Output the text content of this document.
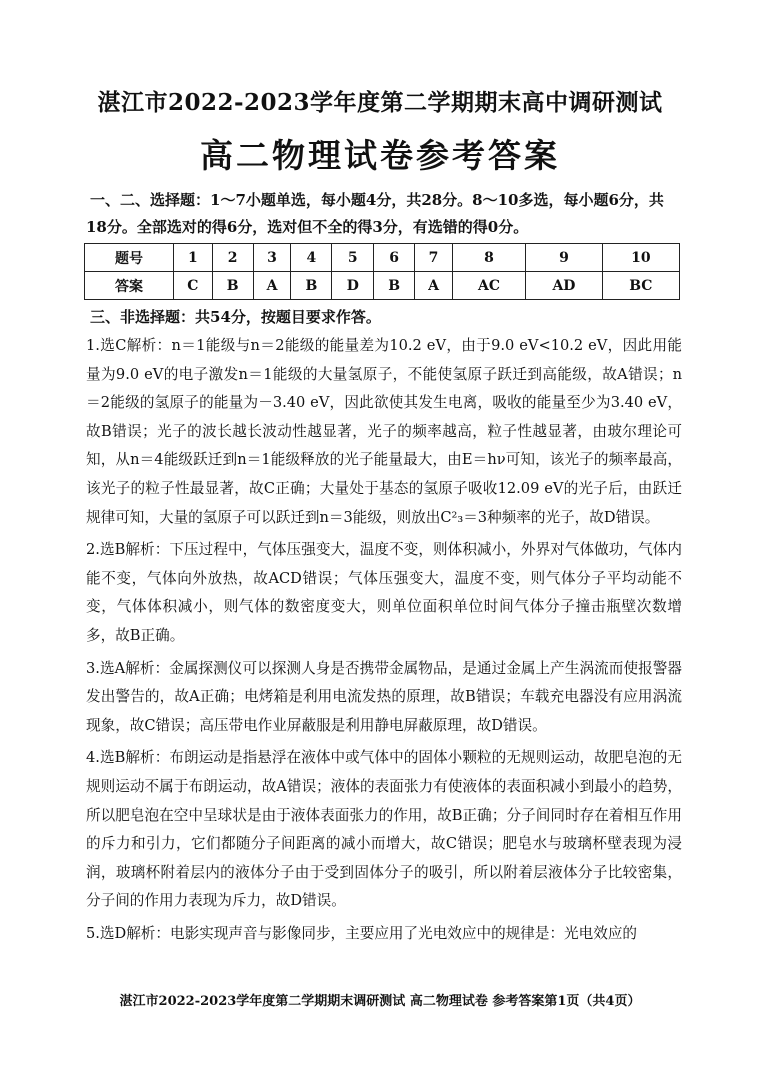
湛江市2022-2023学年度第二学期期末高中调研测试
高二物理试卷参考答案
一、二、选择题：1～7小题单选，每小题4分，共28分。8～10多选，每小题6分，共18分。全部选对的得6分，选对但不全的得3分，有选错的得0分。
题号	1	2	3	4	5	6	7	8	9	10
答案	C	B	A	B	D	B	A	AC	AD	BC
三、非选择题：共54分，按题目要求作答。

1.选C解析：n＝1能级与n＝2能级的能量差为10.2 eV，由于9.0 eV<10.2 eV，因此用能量为9.0 eV的电子激发n＝1能级的大量氢原子，不能使氢原子跃迁到高能级，故A错误；n＝2能级的氢原子的能量为－3.40 eV，因此欲使其发生电离，吸收的能量至少为3.40 eV，故B错误；光子的波长越长波动性越显著，光子的频率越高，粒子性越显著，由玻尔理论可知，从n＝4能级跃迁到n＝1能级释放的光子能量最大，由E＝hν可知，该光子的频率最高，该光子的粒子性最显著，故C正确；大量处于基态的氢原子吸收12.09 eV的光子后，由跃迁规律可知，大量的氢原子可以跃迁到n＝3能级，则放出C²₃＝3种频率的光子，故D错误。

2.选B解析：下压过程中，气体压强变大，温度不变，则体积减小，外界对气体做功，气体内能不变，气体向外放热，故ACD错误；气体压强变大，温度不变，则气体分子平均动能不变，气体体积减小，则气体的数密度变大，则单位面积单位时间气体分子撞击瓶壁次数增多，故B正确。

3.选A解析：金属探测仪可以探测人身是否携带金属物品，是通过金属上产生涡流而使报警器发出警告的，故A正确；电烤箱是利用电流发热的原理，故B错误；车载充电器没有应用涡流现象，故C错误；高压带电作业屏蔽服是利用静电屏蔽原理，故D错误。

4.选B解析：布朗运动是指悬浮在液体中或气体中的固体小颗粒的无规则运动，故肥皂泡的无规则运动不属于布朗运动，故A错误；液体的表面张力有使液体的表面积减小到最小的趋势，所以肥皂泡在空中呈球状是由于液体表面张力的作用，故B正确；分子间同时存在着相互作用的斥力和引力，它们都随分子间距离的减小而增大，故C错误；肥皂水与玻璃杯壁表现为浸润，玻璃杯附着层内的液体分子由于受到固体分子的吸引，所以附着层液体分子比较密集，分子间的作用力表现为斥力，故D错误。

5.选D解析：电影实现声音与影像同步，主要应用了光电效应中的规律是：光电效应的

湛江市2022-2023学年度第二学期期末调研测试 高二物理试卷 参考答案第1页（共4页）
